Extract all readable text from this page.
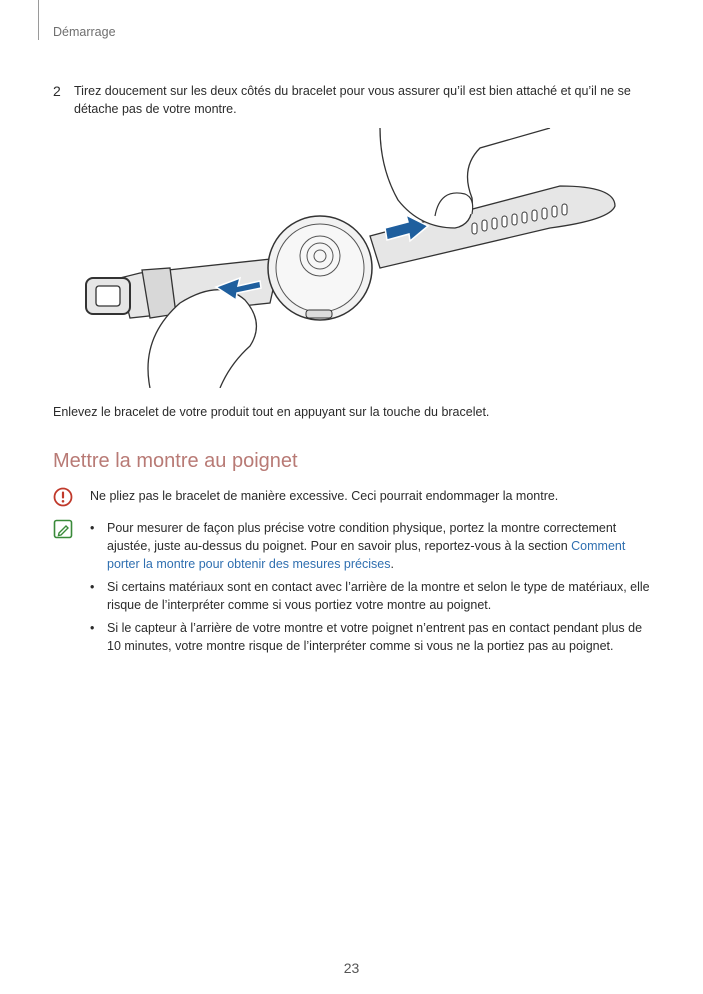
Démarrage
2 Tirez doucement sur les deux côtés du bracelet pour vous assurer qu’il est bien attaché et qu’il ne se détache pas de votre montre.
Enlevez le bracelet de votre produit tout en appuyant sur la touche du bracelet.
Mettre la montre au poignet
Ne pliez pas le bracelet de manière excessive. Ceci pourrait endommager la montre.
• Pour mesurer de façon plus précise votre condition physique, portez la montre correctement ajustée, juste au-dessus du poignet. Pour en savoir plus, reportez-vous à la section Comment porter la montre pour obtenir des mesures précises.
• Si certains matériaux sont en contact avec l’arrière de la montre et selon le type de matériaux, elle risque de l’interpréter comme si vous portiez votre montre au poignet.
• Si le capteur à l’arrière de votre montre et votre poignet n’entrent pas en contact pendant plus de 10 minutes, votre montre risque de l’interpréter comme si vous ne la portiez pas au poignet.
23
